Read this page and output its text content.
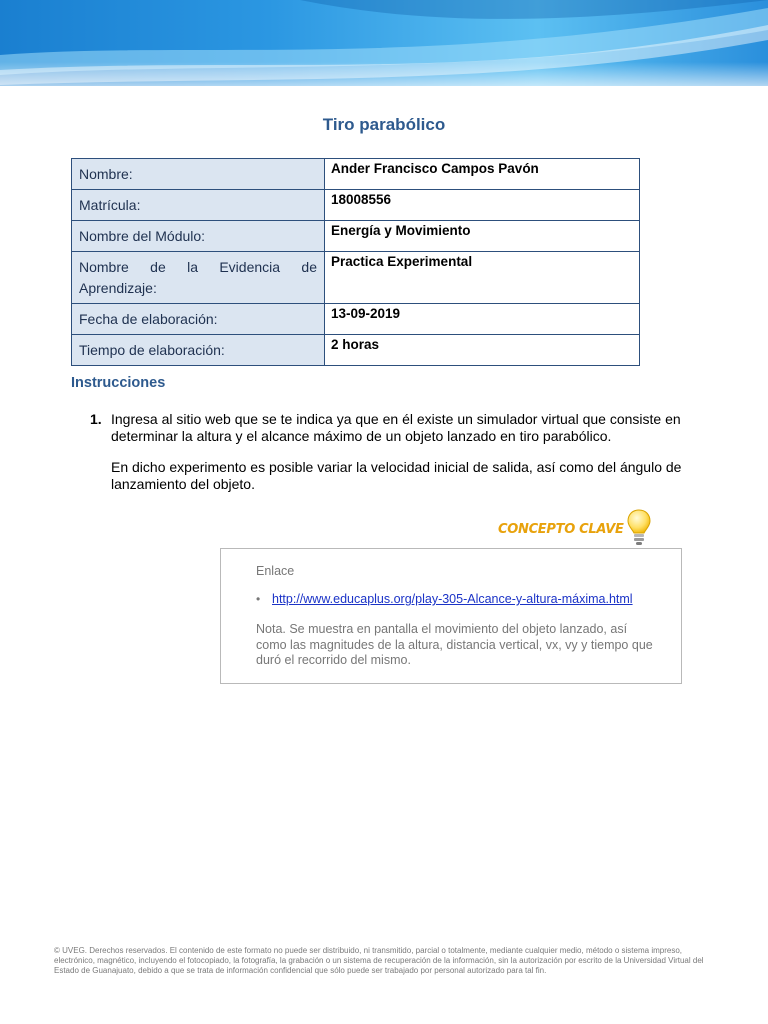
Tiro parabólico
Nombre:	Ander Francisco Campos Pavón
Matrícula:	18008556
Nombre del Módulo:	Energía y Movimiento
Nombre de la Evidencia de Aprendizaje:	Practica Experimental
Fecha de elaboración:	13-09-2019
Tiempo de elaboración:	2 horas
Instrucciones
1. Ingresa al sitio web que se te indica ya que en él existe un simulador virtual que consiste en determinar la altura y el alcance máximo de un objeto lanzado en tiro parabólico.
En dicho experimento es posible variar la velocidad inicial de salida, así como del ángulo de lanzamiento del objeto.
CONCEPTO CLAVE
Enlace
• http://www.educaplus.org/play-305-Alcance-y-altura-máxima.html
Nota. Se muestra en pantalla el movimiento del objeto lanzado, así como las magnitudes de la altura, distancia vertical, vx, vy y tiempo que duró el recorrido del mismo.
© UVEG. Derechos reservados. El contenido de este formato no puede ser distribuido, ni transmitido, parcial o totalmente, mediante cualquier medio, método o sistema impreso, electrónico, magnético, incluyendo el fotocopiado, la fotografía, la grabación o un sistema de recuperación de la información, sin la autorización por escrito de la Universidad Virtual del Estado de Guanajuato, debido a que se trata de información confidencial que sólo puede ser trabajado por personal autorizado para tal fin.
